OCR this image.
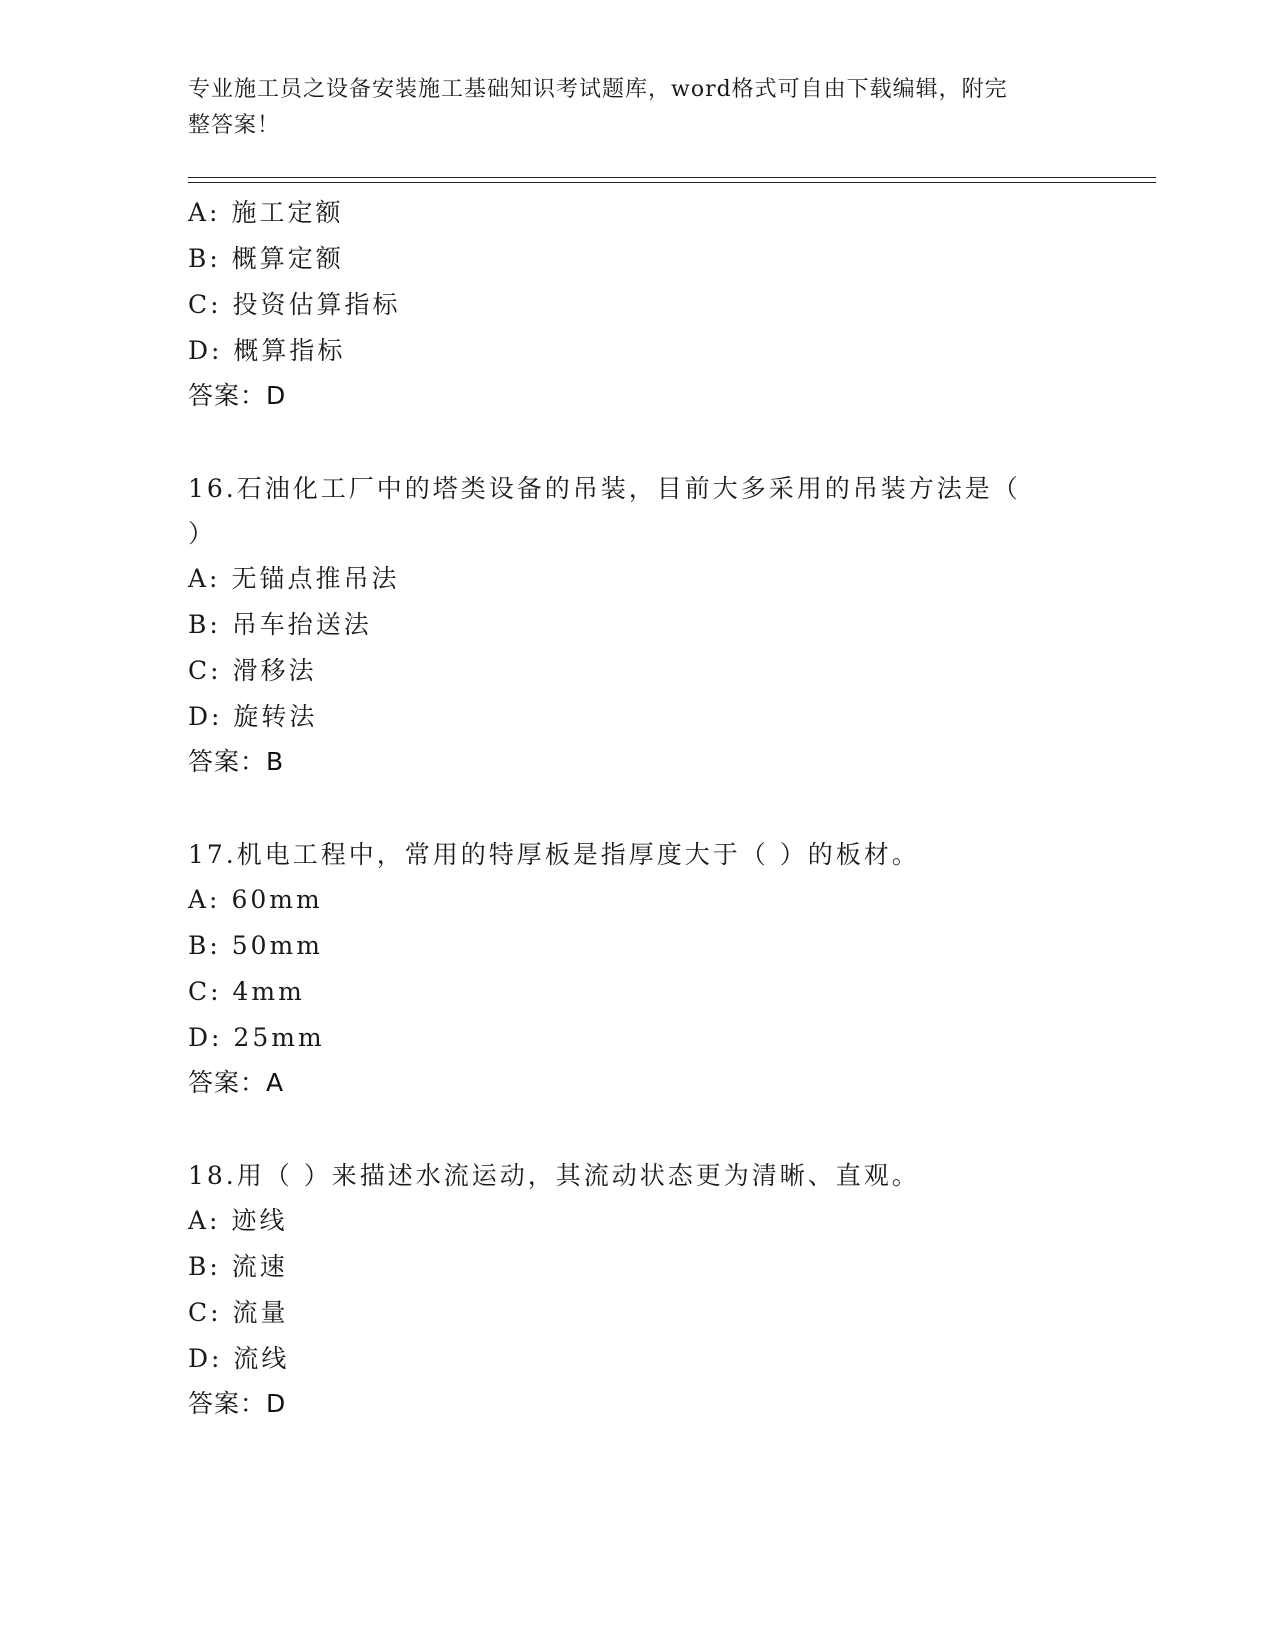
专业施工员之设备安装施工基础知识考试题库，word格式可自由下载编辑，附完
整答案！
A: 施工定额
B: 概算定额
C: 投资估算指标
D: 概算指标
答案：D
16.石油化工厂中的塔类设备的吊装，目前大多采用的吊装方法是（
）
A: 无锚点推吊法
B: 吊车抬送法
C: 滑移法
D: 旋转法
答案：B
17.机电工程中，常用的特厚板是指厚度大于（ ）的板材。
A: 60mm
B: 50mm
C: 4mm
D: 25mm
答案：A
18.用（ ）来描述水流运动，其流动状态更为清晰、直观。
A: 迹线
B: 流速
C: 流量
D: 流线
答案：D
